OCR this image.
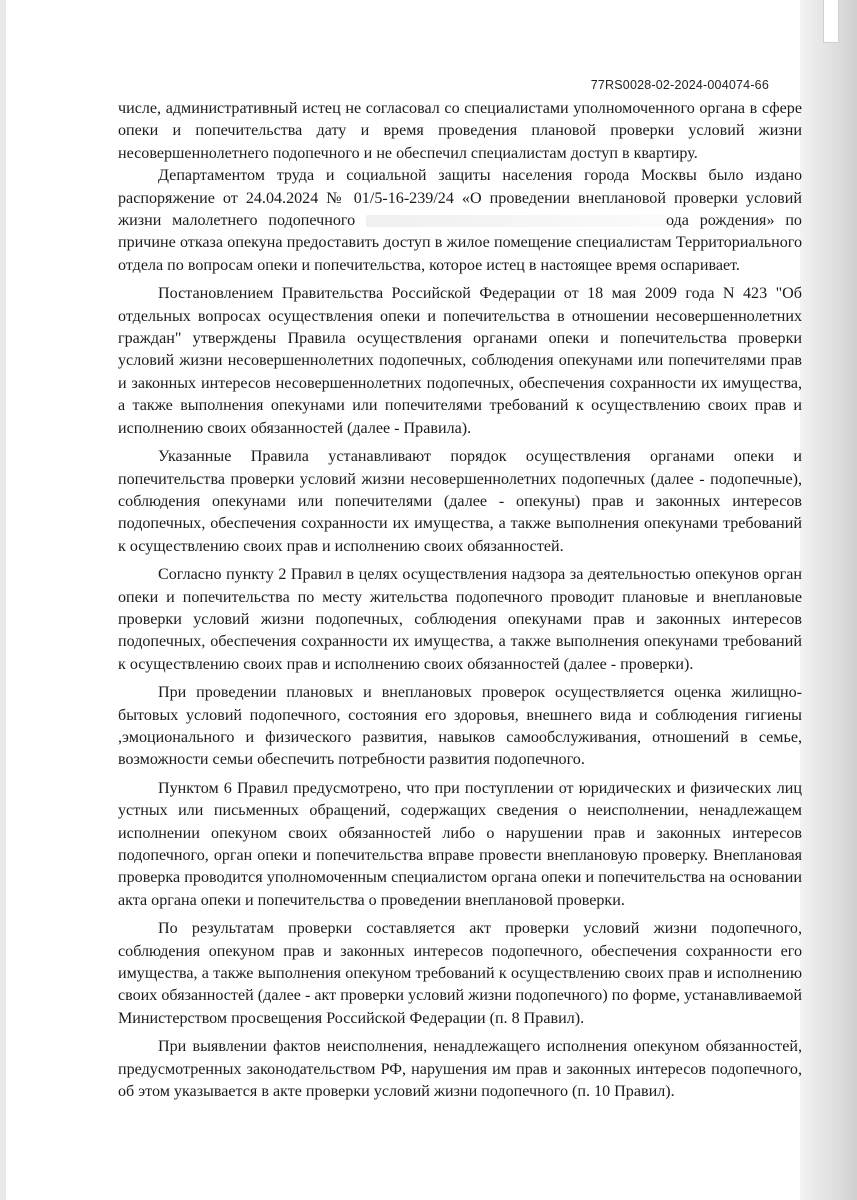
77RS0028-02-2024-004074-66

числе, административный истец не согласовал со специалистами уполномоченного органа в сфере опеки и попечительства дату и время проведения плановой проверки условий жизни несовершеннолетнего подопечного и не обеспечил специалистам доступ в квартиру.

Департаментом труда и социальной защиты населения города Москвы было издано распоряжение от 24.04.2024 № 01/5-16-239/24 «О проведении внеплановой проверки условий жизни малолетнего подопечного	ода рождения» по причине отказа опекуна предоставить доступ в жилое помещение специалистам Территориального отдела по вопросам опеки и попечительства, которое истец в настоящее время оспаривает.

Постановлением Правительства Российской Федерации от 18 мая 2009 года N 423 "Об отдельных вопросах осуществления опеки и попечительства в отношении несовершеннолетних граждан" утверждены Правила осуществления органами опеки и попечительства проверки условий жизни несовершеннолетних подопечных, соблюдения опекунами или попечителями прав и законных интересов несовершеннолетних подопечных, обеспечения сохранности их имущества, а также выполнения опекунами или попечителями требований к осуществлению своих прав и исполнению своих обязанностей (далее - Правила).

Указанные Правила устанавливают порядок осуществления органами опеки и попечительства проверки условий жизни несовершеннолетних подопечных (далее - подопечные), соблюдения опекунами или попечителями (далее - опекуны) прав и законных интересов подопечных, обеспечения сохранности их имущества, а также выполнения опекунами требований к осуществлению своих прав и исполнению своих обязанностей.

Согласно пункту 2 Правил в целях осуществления надзора за деятельностью опекунов орган опеки и попечительства по месту жительства подопечного проводит плановые и внеплановые проверки условий жизни подопечных, соблюдения опекунами прав и законных интересов подопечных, обеспечения сохранности их имущества, а также выполнения опекунами требований к осуществлению своих прав и исполнению своих обязанностей (далее - проверки).

При проведении плановых и внеплановых проверок осуществляется оценка жилищно-бытовых условий подопечного, состояния его здоровья, внешнего вида и соблюдения гигиены ,эмоционального и физического развития, навыков самообслуживания, отношений в семье, возможности семьи обеспечить потребности развития подопечного.

Пунктом 6 Правил предусмотрено, что при поступлении от юридических и физических лиц устных или письменных обращений, содержащих сведения о неисполнении, ненадлежащем исполнении опекуном своих обязанностей либо о нарушении прав и законных интересов подопечного, орган опеки и попечительства вправе провести внеплановую проверку. Внеплановая проверка проводится уполномоченным специалистом органа опеки и попечительства на основании акта органа опеки и попечительства о проведении внеплановой проверки.

По результатам проверки составляется акт проверки условий жизни подопечного, соблюдения опекуном прав и законных интересов подопечного, обеспечения сохранности его имущества, а также выполнения опекуном требований к осуществлению своих прав и исполнению своих обязанностей (далее - акт проверки условий жизни подопечного) по форме, устанавливаемой Министерством просвещения Российской Федерации (п. 8 Правил).

При выявлении фактов неисполнения, ненадлежащего исполнения опекуном обязанностей, предусмотренных законодательством РФ, нарушения им прав и законных интересов подопечного, об этом указывается в акте проверки условий жизни подопечного (п. 10 Правил).
